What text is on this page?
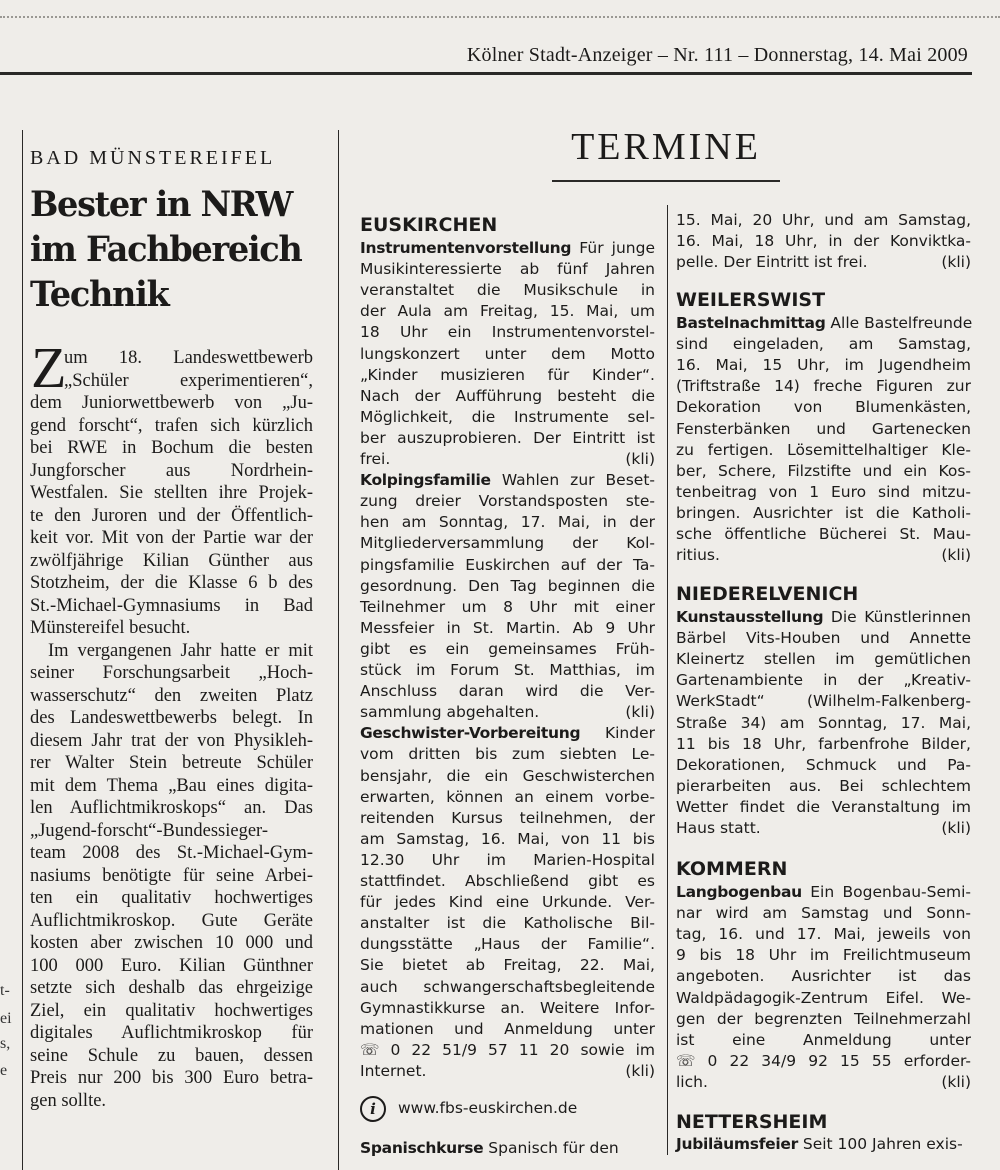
Kölner Stadt-Anzeiger – Nr. 111 – Donnerstag, 14. Mai 2009
t-
ei
s,
e
BAD MÜNSTEREIFEL
Bester in NRW
im Fachbereich
Technik
Z
um 18. Landeswettbewerb
„Schüler experimentieren“,
dem Juniorwettbewerb von „Ju-
gend forscht“, trafen sich kürzlich
bei RWE in Bochum die besten
Jungforscher aus Nordrhein-
Westfalen. Sie stellten ihre Projek-
te den Juroren und der Öffentlich-
keit vor. Mit von der Partie war der
zwölfjährige Kilian Günther aus
Stotzheim, der die Klasse 6 b des
St.-Michael-Gymnasiums in Bad
Münstereifel besucht.
Im vergangenen Jahr hatte er mit
seiner Forschungsarbeit „Hoch-
wasserschutz“ den zweiten Platz
des Landeswettbewerbs belegt. In
diesem Jahr trat der von Physikleh-
rer Walter Stein betreute Schüler
mit dem Thema „Bau eines digita-
len Auflichtmikroskops“ an. Das
„Jugend-forscht“-Bundessieger-
team 2008 des St.-Michael-Gym-
nasiums benötigte für seine Arbei-
ten ein qualitativ hochwertiges
Auflichtmikroskop. Gute Geräte
kosten aber zwischen 10 000 und
100 000 Euro. Kilian Günthner
setzte sich deshalb das ehrgeizige
Ziel, ein qualitativ hochwertiges
digitales Auflichtmikroskop für
seine Schule zu bauen, dessen
Preis nur 200 bis 300 Euro betra-
gen sollte.
TERMINE
EUSKIRCHEN
Instrumentenvorstellung Für junge
Musikinteressierte ab fünf Jahren
veranstaltet die Musikschule in
der Aula am Freitag, 15. Mai, um
18 Uhr ein Instrumentenvorstel-
lungskonzert unter dem Motto
„Kinder musizieren für Kinder“.
Nach der Aufführung besteht die
Möglichkeit, die Instrumente sel-
ber auszuprobieren. Der Eintritt ist
frei.	(kli)
Kolpingsfamilie Wahlen zur Beset-
zung dreier Vorstandsposten ste-
hen am Sonntag, 17. Mai, in der
Mitgliederversammlung der Kol-
pingsfamilie Euskirchen auf der Ta-
gesordnung. Den Tag beginnen die
Teilnehmer um 8 Uhr mit einer
Messfeier in St. Martin. Ab 9 Uhr
gibt es ein gemeinsames Früh-
stück im Forum St. Matthias, im
Anschluss daran wird die Ver-
sammlung abgehalten.	(kli)
Geschwister-Vorbereitung Kinder
vom dritten bis zum siebten Le-
bensjahr, die ein Geschwisterchen
erwarten, können an einem vorbe-
reitenden Kursus teilnehmen, der
am Samstag, 16. Mai, von 11 bis
12.30 Uhr im Marien-Hospital
stattfindet. Abschließend gibt es
für jedes Kind eine Urkunde. Ver-
anstalter ist die Katholische Bil-
dungsstätte „Haus der Familie“.
Sie bietet ab Freitag, 22. Mai,
auch schwangerschaftsbegleitende
Gymnastikkurse an. Weitere Infor-
mationen und Anmeldung unter
☏ 0 22 51/9 57 11 20 sowie im
Internet.	(kli)
i	www.fbs-euskirchen.de
Spanischkurse Spanisch für den
15. Mai, 20 Uhr, und am Samstag,
16. Mai, 18 Uhr, in der Konviktka-
pelle. Der Eintritt ist frei.	(kli)
WEILERSWIST
Bastelnachmittag Alle Bastelfreunde
sind eingeladen, am Samstag,
16. Mai, 15 Uhr, im Jugendheim
(Triftstraße 14) freche Figuren zur
Dekoration von Blumenkästen,
Fensterbänken und Gartenecken
zu fertigen. Lösemittelhaltiger Kle-
ber, Schere, Filzstifte und ein Kos-
tenbeitrag von 1 Euro sind mitzu-
bringen. Ausrichter ist die Katholi-
sche öffentliche Bücherei St. Mau-
ritius.	(kli)
NIEDERELVENICH
Kunstausstellung Die Künstlerinnen
Bärbel Vits-Houben und Annette
Kleinertz stellen im gemütlichen
Gartenambiente in der „Kreativ-
WerkStadt“ (Wilhelm-Falkenberg-
Straße 34) am Sonntag, 17. Mai,
11 bis 18 Uhr, farbenfrohe Bilder,
Dekorationen, Schmuck und Pa-
pierarbeiten aus. Bei schlechtem
Wetter findet die Veranstaltung im
Haus statt.	(kli)
KOMMERN
Langbogenbau Ein Bogenbau-Semi-
nar wird am Samstag und Sonn-
tag, 16. und 17. Mai, jeweils von
9 bis 18 Uhr im Freilichtmuseum
angeboten. Ausrichter ist das
Waldpädagogik-Zentrum Eifel. We-
gen der begrenzten Teilnehmerzahl
ist eine Anmeldung unter
☏ 0 22 34/9 92 15 55 erforder-
lich.	(kli)
NETTERSHEIM
Jubiläumsfeier Seit 100 Jahren exis-
